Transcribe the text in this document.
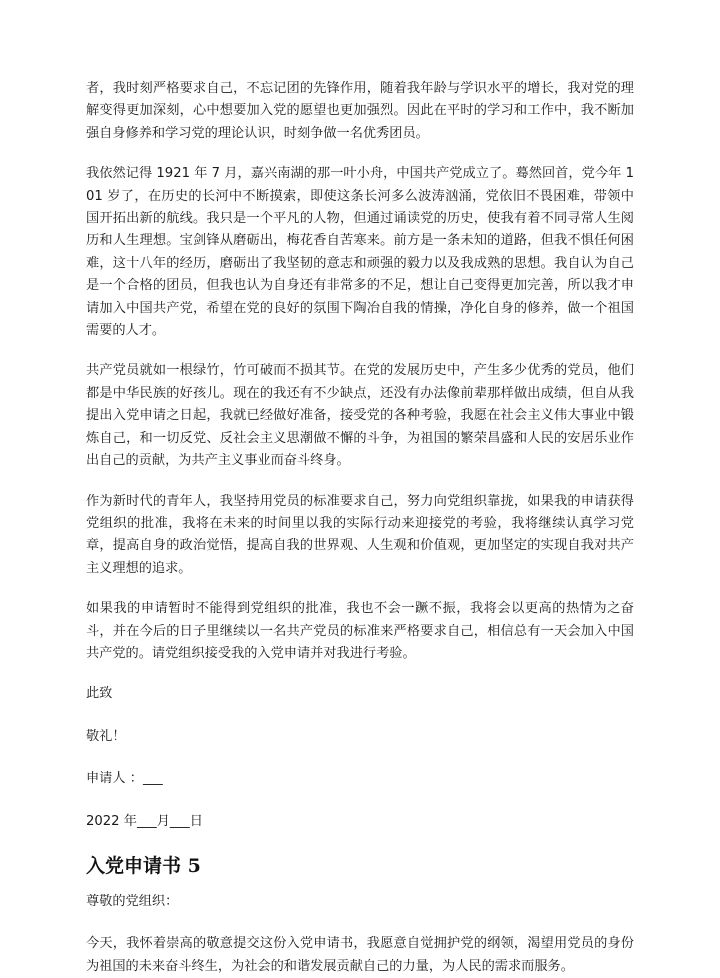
者，我时刻严格要求自己，不忘记团的先锋作用，随着我年龄与学识水平的增长，我对党的理解变得更加深刻，心中想要加入党的愿望也更加强烈。因此在平时的学习和工作中，我不断加强自身修养和学习党的理论认识，时刻争做一名优秀团员。

我依然记得 1921 年 7 月，嘉兴南湖的那一叶小舟，中国共产党成立了。蓦然回首，党今年 101 岁了，在历史的长河中不断摸索，即使这条长河多么波涛汹涌，党依旧不畏困难，带领中国开拓出新的航线。我只是一个平凡的人物，但通过诵读党的历史，使我有着不同寻常人生阅历和人生理想。宝剑锋从磨砺出，梅花香自苦寒来。前方是一条未知的道路，但我不惧任何困难，这十八年的经历，磨砺出了我坚韧的意志和顽强的毅力以及我成熟的思想。我自认为自己是一个合格的团员，但我也认为自身还有非常多的不足，想让自己变得更加完善，所以我才申请加入中国共产党，希望在党的良好的氛围下陶冶自我的情操，净化自身的修养，做一个祖国需要的人才。

共产党员就如一根绿竹，竹可破而不损其节。在党的发展历史中，产生多少优秀的党员，他们都是中华民族的好孩儿。现在的我还有不少缺点，还没有办法像前辈那样做出成绩，但自从我提出入党申请之日起，我就已经做好准备，接受党的各种考验，我愿在社会主义伟大事业中锻炼自己，和一切反党、反社会主义思潮做不懈的斗争，为祖国的繁荣昌盛和人民的安居乐业作出自己的贡献，为共产主义事业而奋斗终身。

作为新时代的青年人，我坚持用党员的标准要求自己，努力向党组织靠拢，如果我的申请获得党组织的批准，我将在未来的时间里以我的实际行动来迎接党的考验，我将继续认真学习党章，提高自身的政治觉悟，提高自我的世界观、人生观和价值观，更加坚定的实现自我对共产主义理想的追求。

如果我的申请暂时不能得到党组织的批准，我也不会一蹶不振，我将会以更高的热情为之奋斗，并在今后的日子里继续以一名共产党员的标准来严格要求自己，相信总有一天会加入中国共产党的。请党组织接受我的入党申请并对我进行考验。

此致

敬礼！

申请人 ：___

2022 年___月___日

入党申请书 5

尊敬的党组织：

今天，我怀着崇高的敬意提交这份入党申请书，我愿意自觉拥护党的纲领，渴望用党员的身份为祖国的未来奋斗终生，为社会的和谐发展贡献自己的力量，为人民的需求而服务。
